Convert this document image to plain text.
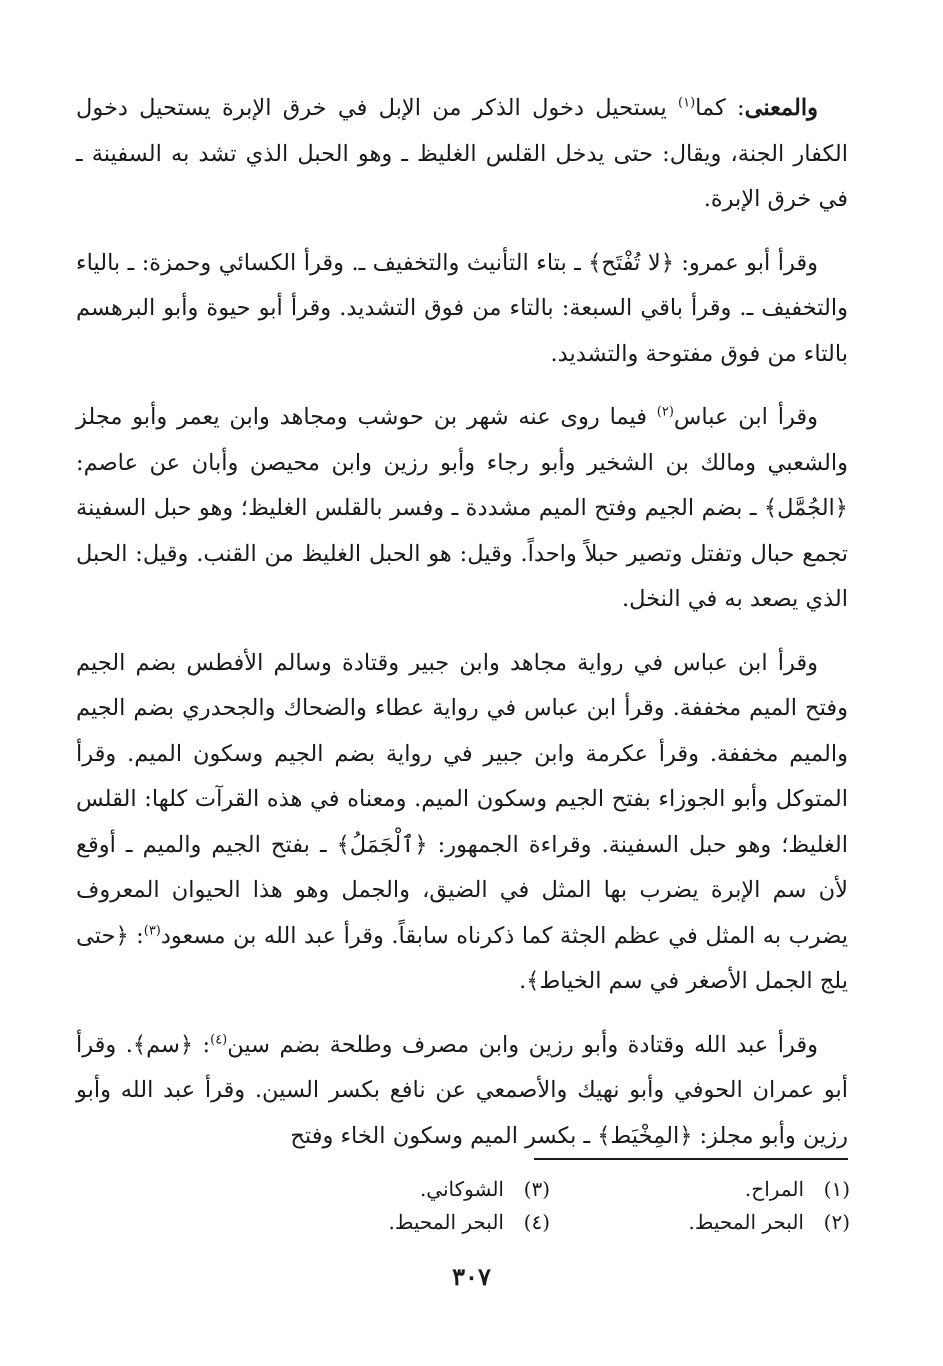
والمعنى: كما$^{(١)}$ يستحيل دخول الذكر من الإبل في خرق الإبرة يستحيل دخول الكفار الجنة، ويقال: حتى يدخل القلس الغليظ ـ وهو الحبل الذي تشد به السفينة ـ في خرق الإبرة.

وقرأ أبو عمرو: ﴿لا تُفْتَح﴾ ـ بتاء التأنيث والتخفيف ـ. وقرأ الكسائي وحمزة: ـ بالياء والتخفيف ـ. وقرأ باقي السبعة: بالتاء من فوق التشديد. وقرأ أبو حيوة وأبو البرهسم بالتاء من فوق مفتوحة والتشديد.

وقرأ ابن عباس$^{(٢)}$ فيما روى عنه شهر بن حوشب ومجاهد وابن يعمر وأبو مجلز والشعبي ومالك بن الشخير وأبو رجاء وأبو رزين وابن محيصن وأبان عن عاصم: ﴿الجُمَّل﴾ ـ بضم الجيم وفتح الميم مشددة ـ وفسر بالقلس الغليظ؛ وهو حبل السفينة تجمع حبال وتفتل وتصير حبلاً واحداً. وقيل: هو الحبل الغليظ من القنب. وقيل: الحبل الذي يصعد به في النخل.

وقرأ ابن عباس في رواية مجاهد وابن جبير وقتادة وسالم الأفطس بضم الجيم وفتح الميم مخففة. وقرأ ابن عباس في رواية عطاء والضحاك والجحدري بضم الجيم والميم مخففة. وقرأ عكرمة وابن جبير في رواية بضم الجيم وسكون الميم. وقرأ المتوكل وأبو الجوزاء بفتح الجيم وسكون الميم. ومعناه في هذه القرآت كلها: القلس الغليظ؛ وهو حبل السفينة. وقراءة الجمهور: ﴿ٱلْجَمَلُ﴾ ـ بفتح الجيم والميم ـ أوقع لأن سم الإبرة يضرب بها المثل في الضيق، والجمل وهو هذا الحيوان المعروف يضرب به المثل في عظم الجثة كما ذكرناه سابقاً. وقرأ عبد الله بن مسعود$^{(٣)}$: ﴿حتى يلج الجمل الأصغر في سم الخياط﴾.

وقرأ عبد الله وقتادة وأبو رزين وابن مصرف وطلحة بضم سين$^{(٤)}$: ﴿سم﴾. وقرأ أبو عمران الحوفي وأبو نهيك والأصمعي عن نافع بكسر السين. وقرأ عبد الله وأبو رزين وأبو مجلز: ﴿المِخْيَط﴾ ـ بكسر الميم وسكون الخاء وفتح

(١)المراح.
(٣)الشوكاني.
(٢)البحر المحيط.
(٤)البحر المحيط.
٣٠٧
